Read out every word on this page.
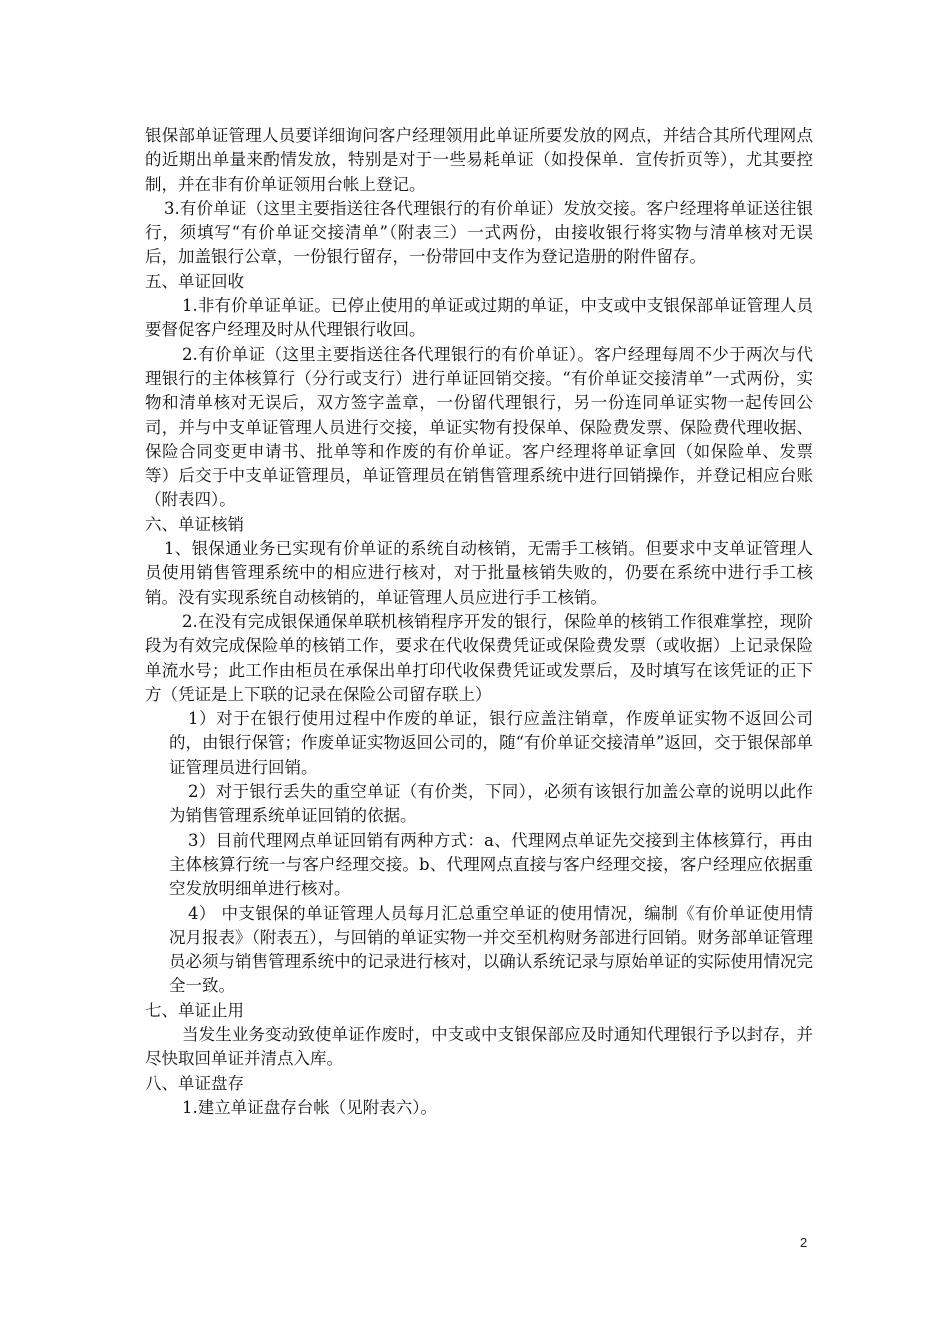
银保部单证管理人员要详细询问客户经理领用此单证所要发放的网点，并结合其所代理网点的近期出单量来酌情发放，特别是对于一些易耗单证（如投保单．宣传折页等），尤其要控制，并在非有价单证领用台帐上登记。

3.有价单证（这里主要指送往各代理银行的有价单证）发放交接。客户经理将单证送往银行，须填写“有价单证交接清单”（附表三）一式两份，由接收银行将实物与清单核对无误后，加盖银行公章，一份银行留存，一份带回中支作为登记造册的附件留存。

五、单证回收

1.非有价单证单证。已停止使用的单证或过期的单证，中支或中支银保部单证管理人员要督促客户经理及时从代理银行收回。

2.有价单证（这里主要指送往各代理银行的有价单证）。客户经理每周不少于两次与代理银行的主体核算行（分行或支行）进行单证回销交接。“有价单证交接清单”一式两份，实物和清单核对无误后，双方签字盖章，一份留代理银行，另一份连同单证实物一起传回公司，并与中支单证管理人员进行交接，单证实物有投保单、保险费发票、保险费代理收据、保险合同变更申请书、批单等和作废的有价单证。客户经理将单证拿回（如保险单、发票等）后交于中支单证管理员，单证管理员在销售管理系统中进行回销操作，并登记相应台账（附表四）。

六、单证核销

1、银保通业务已实现有价单证的系统自动核销，无需手工核销。但要求中支单证管理人员使用销售管理系统中的相应进行核对，对于批量核销失败的，仍要在系统中进行手工核销。没有实现系统自动核销的，单证管理人员应进行手工核销。

2.在没有完成银保通保单联机核销程序开发的银行，保险单的核销工作很难掌控，现阶段为有效完成保险单的核销工作，要求在代收保费凭证或保险费发票（或收据）上记录保险单流水号；此工作由柜员在承保出单打印代收保费凭证或发票后，及时填写在该凭证的正下方（凭证是上下联的记录在保险公司留存联上）

1）对于在银行使用过程中作废的单证，银行应盖注销章，作废单证实物不返回公司的，由银行保管；作废单证实物返回公司的，随“有价单证交接清单”返回，交于银保部单证管理员进行回销。

2）对于银行丢失的重空单证（有价类，下同），必须有该银行加盖公章的说明以此作为销售管理系统单证回销的依据。

3）目前代理网点单证回销有两种方式：a、代理网点单证先交接到主体核算行，再由主体核算行统一与客户经理交接。b、代理网点直接与客户经理交接，客户经理应依据重空发放明细单进行核对。

4） 中支银保的单证管理人员每月汇总重空单证的使用情况，编制《有价单证使用情况月报表》（附表五），与回销的单证实物一并交至机构财务部进行回销。财务部单证管理员必须与销售管理系统中的记录进行核对，以确认系统记录与原始单证的实际使用情况完全一致。

七、单证止用

当发生业务变动致使单证作废时，中支或中支银保部应及时通知代理银行予以封存，并尽快取回单证并清点入库。

八、单证盘存

1.建立单证盘存台帐（见附表六）。

2
